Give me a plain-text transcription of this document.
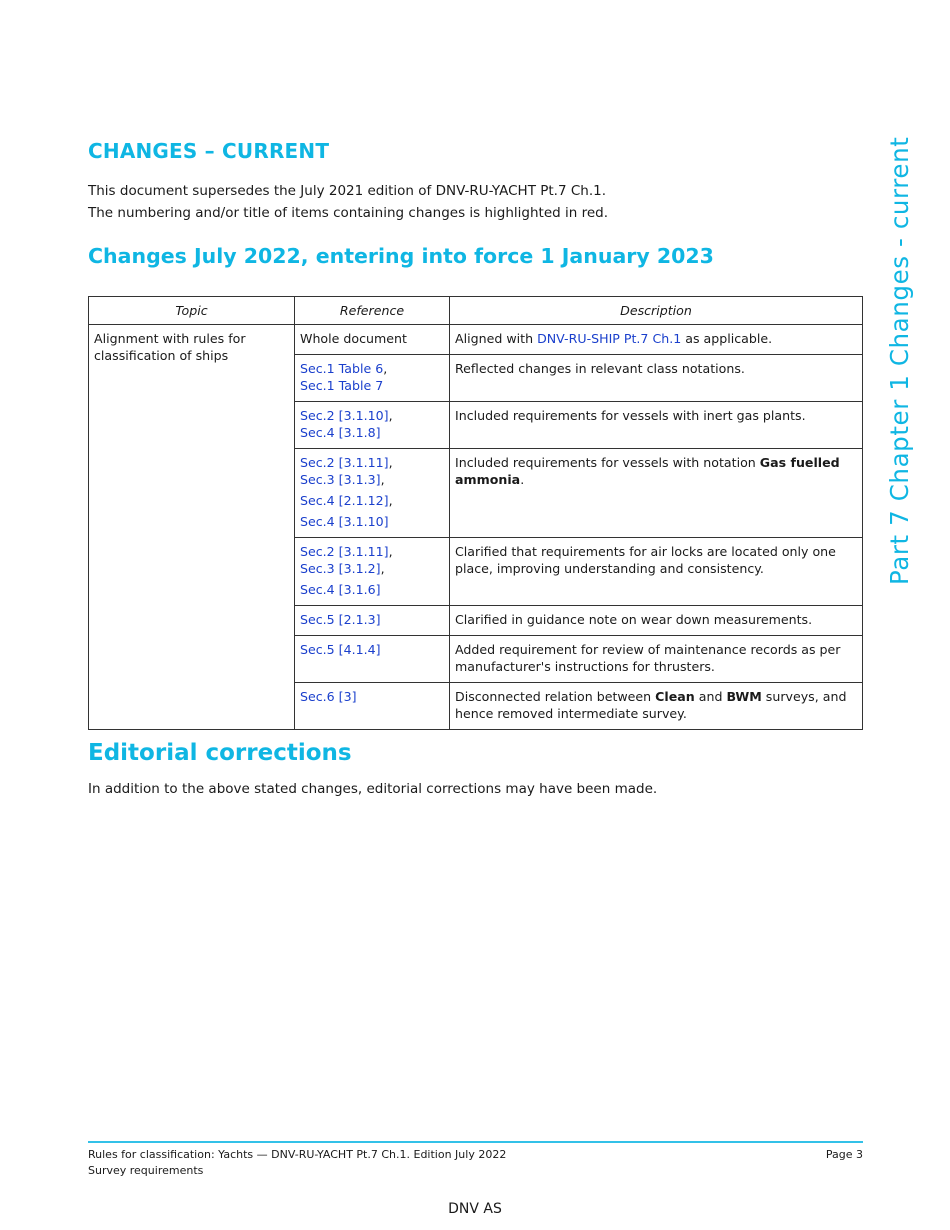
CHANGES – CURRENT
This document supersedes the July 2021 edition of DNV-RU-YACHT Pt.7 Ch.1.
The numbering and/or title of items containing changes is highlighted in red.
Changes July 2022, entering into force 1 January 2023
Topic	Reference	Description
Alignment with rules for classification of ships	Whole document	Aligned with DNV-RU-SHIP Pt.7 Ch.1 as applicable.

	Sec.1 Table 6,
Sec.1 Table 7	Reflected changes in relevant class notations.

	Sec.2 [3.1.10],
Sec.4 [3.1.8]	Included requirements for vessels with inert gas plants.

	Sec.2 [3.1.11],
Sec.3 [3.1.3],
Sec.4 [2.1.12],
Sec.4 [3.1.10]	Included requirements for vessels with notation Gas fuelled ammonia.

	Sec.2 [3.1.11],
Sec.3 [3.1.2],
Sec.4 [3.1.6]	Clarified that requirements for air locks are located only one place, improving understanding and consistency.

	Sec.5 [2.1.3]	Clarified in guidance note on wear down measurements.

	Sec.5 [4.1.4]	Added requirement for review of maintenance records as per manufacturer's instructions for thrusters.

	Sec.6 [3]	Disconnected relation between Clean and BWM surveys, and hence removed intermediate survey.
Editorial corrections
In addition to the above stated changes, editorial corrections may have been made.
Part 7 Chapter 1 Changes - current
Rules for classification: Yachts — DNV-RU-YACHT Pt.7 Ch.1. Edition July 2022
Survey requirements
Page 3
DNV AS
